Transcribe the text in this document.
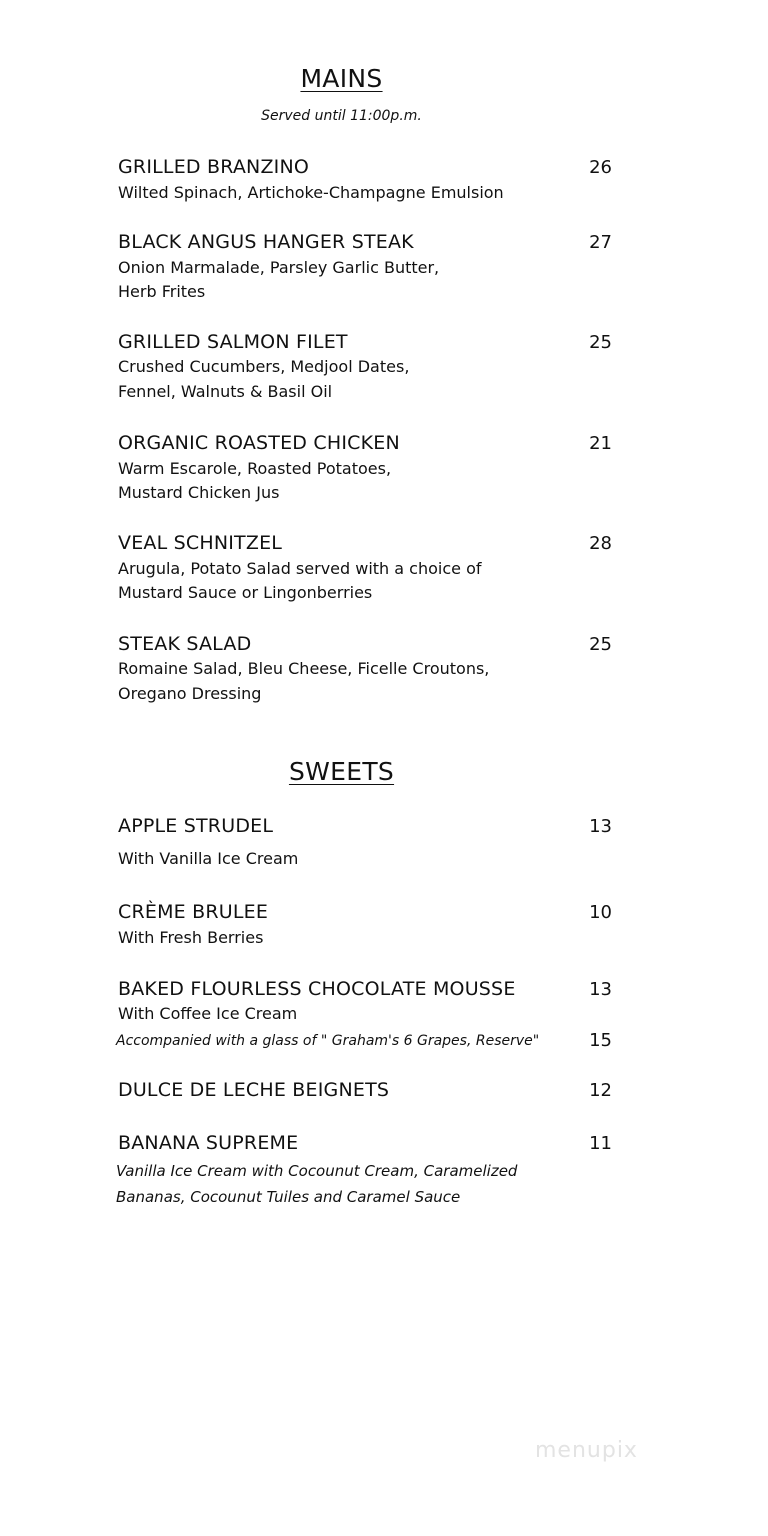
MAINS
Served until 11:00p.m.
GRILLED BRANZINO	26
Wilted Spinach, Artichoke-Champagne Emulsion
BLACK ANGUS HANGER STEAK	27
Onion Marmalade, Parsley Garlic Butter,
Herb Frites
GRILLED SALMON FILET	25
Crushed Cucumbers, Medjool Dates,
Fennel, Walnuts & Basil Oil
ORGANIC ROASTED CHICKEN	21
Warm Escarole, Roasted Potatoes,
Mustard Chicken Jus
VEAL SCHNITZEL	28
Arugula, Potato Salad served with a choice of
Mustard Sauce or Lingonberries
STEAK SALAD	25
Romaine Salad, Bleu Cheese, Ficelle Croutons,
Oregano Dressing
SWEETS
APPLE STRUDEL	13
With Vanilla Ice Cream
CRÈME BRULEE	10
With Fresh Berries
BAKED FLOURLESS CHOCOLATE MOUSSE	13
With Coffee Ice Cream
Accompanied with a glass of " Graham's 6 Grapes, Reserve"	15
DULCE DE LECHE BEIGNETS	12
BANANA SUPREME	11
Vanilla Ice Cream with Cocounut Cream, Caramelized
Bananas, Cocounut Tuiles and Caramel Sauce
menupix
